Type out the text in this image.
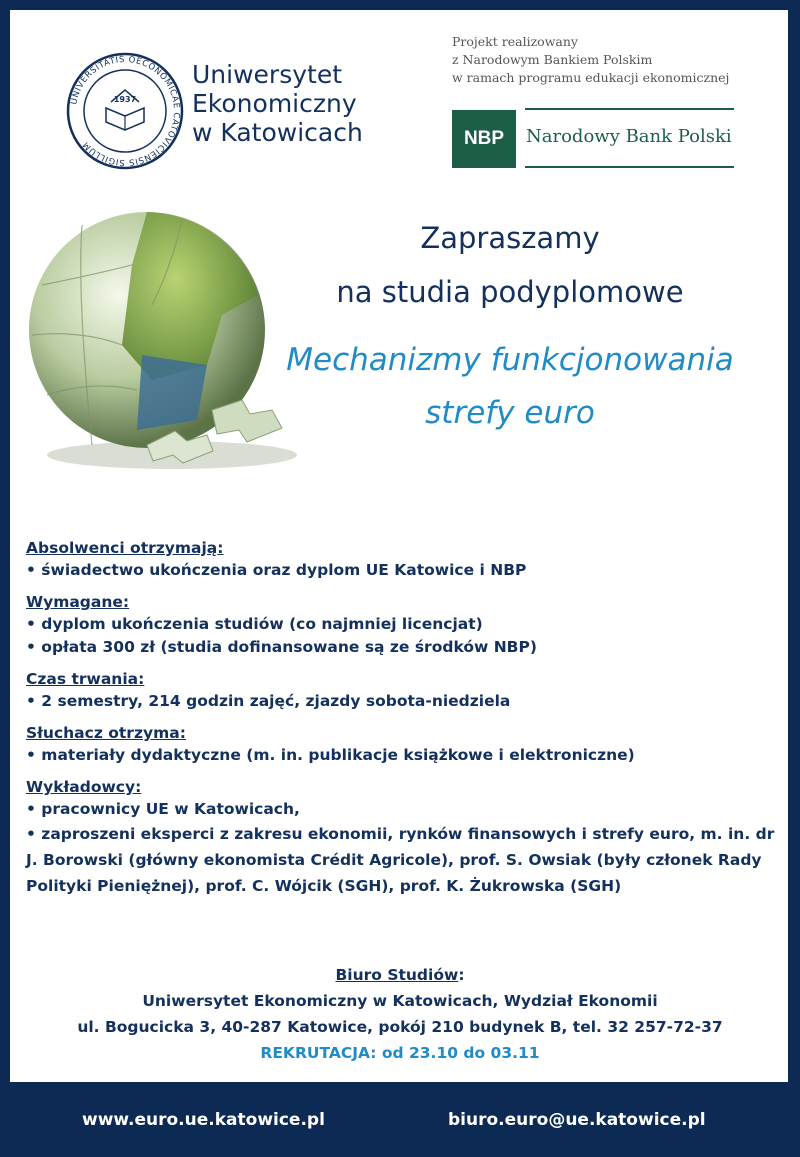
UNIVERSITATIS OECONOMICAE CATOVICIENSIS SIGILLUM
1937
Uniwersytet
Ekonomiczny
w Katowicach
Projekt realizowany
z Narodowym Bankiem Polskim
w ramach programu edukacji ekonomicznej
NBP	Narodowy Bank Polski
Zapraszamy
na studia podyplomowe
Mechanizmy funkcjonowania
strefy euro
Absolwenci otrzymają:
• świadectwo ukończenia oraz dyplom UE Katowice i NBP
Wymagane:
• dyplom ukończenia studiów (co najmniej licencjat)
• opłata 300 zł (studia dofinansowane są ze środków NBP)
Czas trwania:
• 2 semestry, 214 godzin zajęć, zjazdy sobota-niedziela
Słuchacz otrzyma:
• materiały dydaktyczne (m. in. publikacje książkowe i elektroniczne)
Wykładowcy:
• pracownicy UE w Katowicach,
• zaproszeni eksperci z zakresu ekonomii, rynków finansowych i strefy euro, m. in. dr J. Borowski (główny ekonomista Crédit Agricole), prof. S. Owsiak (były członek Rady Polityki Pieniężnej), prof. C. Wójcik (SGH), prof. K. Żukrowska (SGH)
Biuro Studiów:
Uniwersytet Ekonomiczny w Katowicach, Wydział Ekonomii
ul. Bogucicka 3, 40-287 Katowice, pokój 210 budynek B, tel. 32 257-72-37
REKRUTACJA: od 23.10 do 03.11
www.euro.ue.katowice.pl	biuro.euro@ue.katowice.pl
